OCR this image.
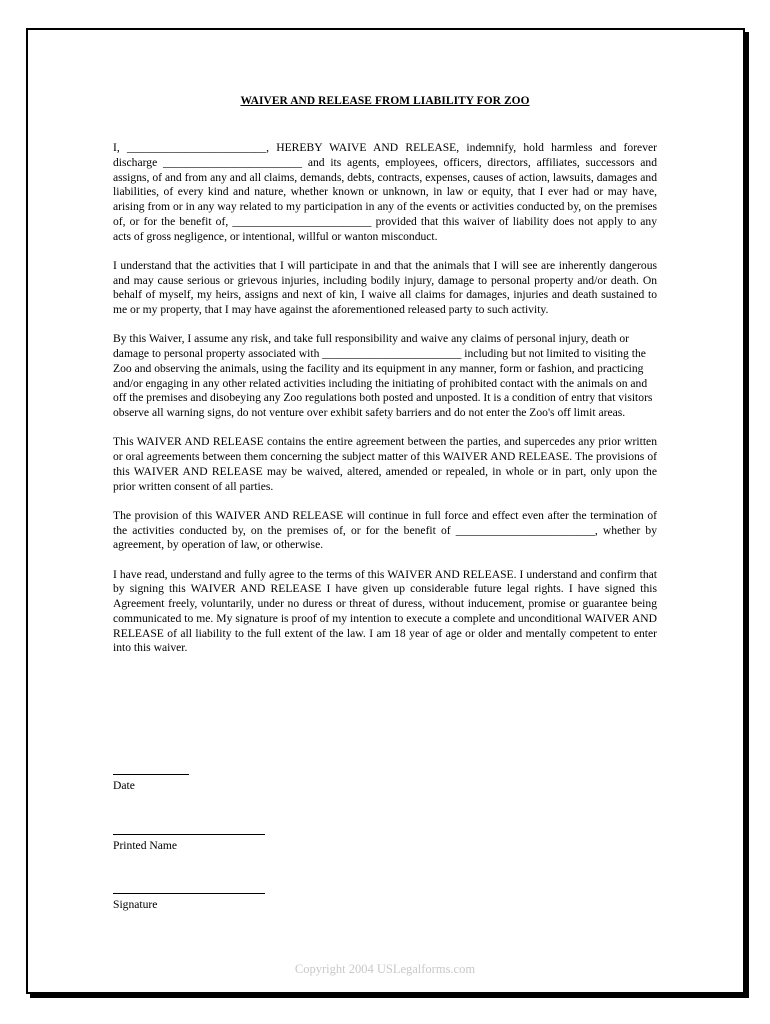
WAIVER AND RELEASE FROM LIABILITY FOR ZOO

I, ________________________, HEREBY WAIVE AND RELEASE, indemnify, hold harmless and forever discharge ________________________ and its agents, employees, officers, directors, affiliates, successors and assigns, of and from any and all claims, demands, debts, contracts, expenses, causes of action, lawsuits, damages and liabilities, of every kind and nature, whether known or unknown, in law or equity, that I ever had or may have, arising from or in any way related to my participation in any of the events or activities conducted by, on the premises of, or for the benefit of, ________________________ provided that this waiver of liability does not apply to any acts of gross negligence, or intentional, willful or wanton misconduct.

I understand that the activities that I will participate in and that the animals that I will see are inherently dangerous and may cause serious or grievous injuries, including bodily injury, damage to personal property and/or death. On behalf of myself, my heirs, assigns and next of kin, I waive all claims for damages, injuries and death sustained to me or my property, that I may have against the aforementioned released party to such activity.

By this Waiver, I assume any risk, and take full responsibility and waive any claims of personal injury, death or damage to personal property associated with ________________________ including but not limited to visiting the Zoo and observing the animals, using the facility and its equipment in any manner, form or fashion, and practicing and/or engaging in any other related activities including the initiating of prohibited contact with the animals on and off the premises and disobeying any Zoo regulations both posted and unposted. It is a condition of entry that visitors observe all warning signs, do not venture over exhibit safety barriers and do not enter the Zoo's off limit areas.

This WAIVER AND RELEASE contains the entire agreement between the parties, and supercedes any prior written or oral agreements between them concerning the subject matter of this WAIVER AND RELEASE. The provisions of this WAIVER AND RELEASE may be waived, altered, amended or repealed, in whole or in part, only upon the prior written consent of all parties.

The provision of this WAIVER AND RELEASE will continue in full force and effect even after the termination of the activities conducted by, on the premises of, or for the benefit of ________________________, whether by agreement, by operation of law, or otherwise.

I have read, understand and fully agree to the terms of this WAIVER AND RELEASE. I understand and confirm that by signing this WAIVER AND RELEASE I have given up considerable future legal rights. I have signed this Agreement freely, voluntarily, under no duress or threat of duress, without inducement, promise or guarantee being communicated to me. My signature is proof of my intention to execute a complete and unconditional WAIVER AND RELEASE of all liability to the full extent of the law. I am 18 year of age or older and mentally competent to enter into this waiver.

Date
Printed Name
Signature
Copyright 2004 USLegalforms.com
